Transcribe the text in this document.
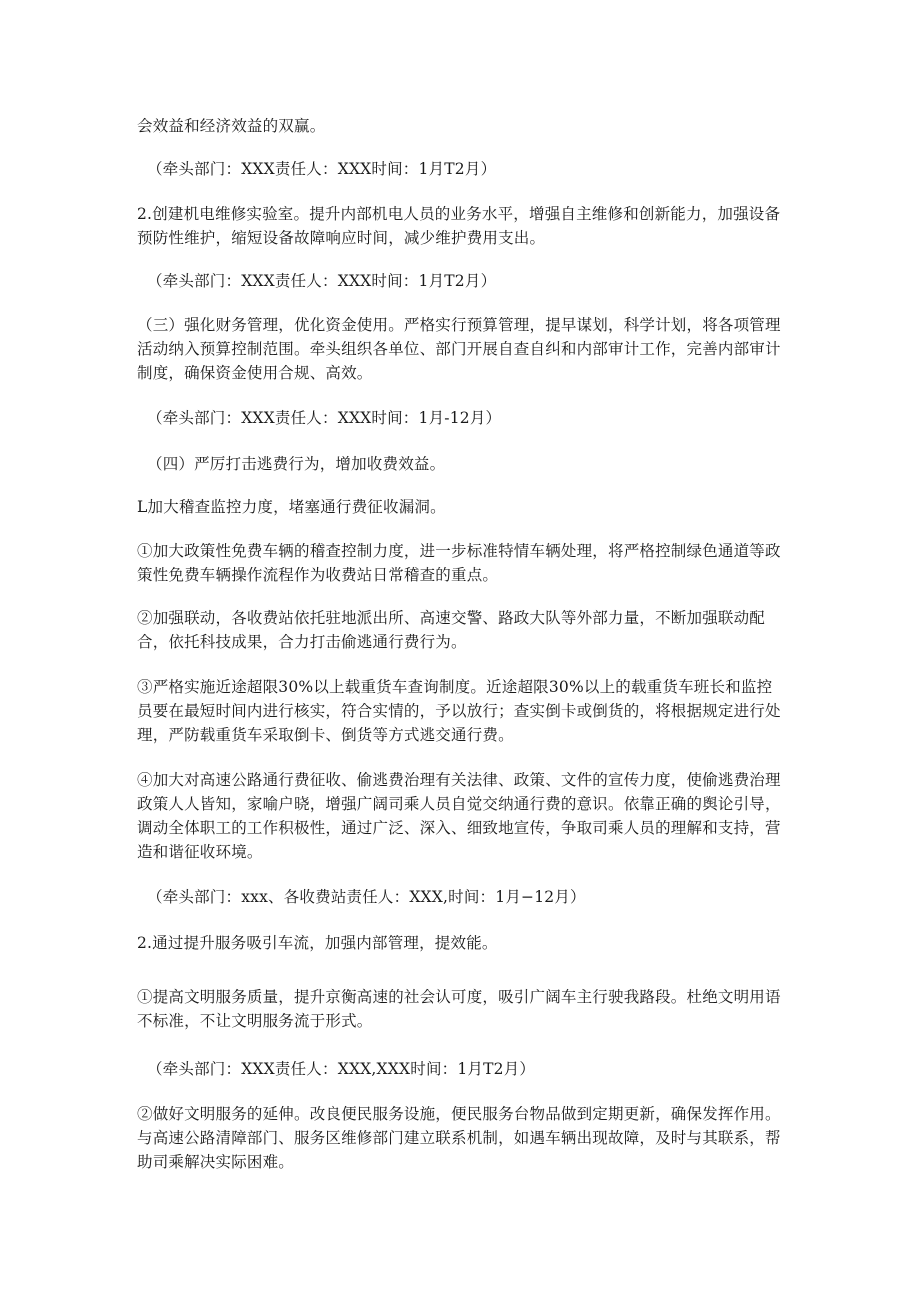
会效益和经济效益的双赢。

（牵头部门：XXX责任人：XXX时间：1月T2月）

2.创建机电维修实验室。提升内部机电人员的业务水平，增强自主维修和创新能力，加强设备预防性维护，缩短设备故障响应时间，减少维护费用支出。

（牵头部门：XXX责任人：XXX时间：1月T2月）

（三）强化财务管理，优化资金使用。严格实行预算管理，提早谋划，科学计划，将各项管理活动纳入预算控制范围。牵头组织各单位、部门开展自查自纠和内部审计工作，完善内部审计制度，确保资金使用合规、高效。

（牵头部门：XXX责任人：XXX时间：1月-12月）

（四）严厉打击逃费行为，增加收费效益。

L加大稽查监控力度，堵塞通行费征收漏洞。

①加大政策性免费车辆的稽查控制力度，进一步标准特情车辆处理，将严格控制绿色通道等政策性免费车辆操作流程作为收费站日常稽查的重点。

②加强联动，各收费站依托驻地派出所、高速交警、路政大队等外部力量，不断加强联动配合，依托科技成果，合力打击偷逃通行费行为。

③严格实施近途超限30%以上载重货车查询制度。近途超限30%以上的载重货车班长和监控员要在最短时间内进行核实，符合实情的，予以放行；查实倒卡或倒货的，将根据规定进行处理，严防载重货车采取倒卡、倒货等方式逃交通行费。

④加大对高速公路通行费征收、偷逃费治理有关法律、政策、文件的宣传力度，使偷逃费治理政策人人皆知，家喻户晓，增强广阔司乘人员自觉交纳通行费的意识。依靠正确的舆论引导，调动全体职工的工作积极性，通过广泛、深入、细致地宣传，争取司乘人员的理解和支持，营造和谐征收环境。

（牵头部门：xxx、各收费站责任人：XXX,时间：1月−12月）

2.通过提升服务吸引车流，加强内部管理，提效能。

①提高文明服务质量，提升京衡高速的社会认可度，吸引广阔车主行驶我路段。杜绝文明用语不标准，不让文明服务流于形式。

（牵头部门：XXX责任人：XXX,XXX时间：1月T2月）

②做好文明服务的延伸。改良便民服务设施，便民服务台物品做到定期更新，确保发挥作用。与高速公路清障部门、服务区维修部门建立联系机制，如遇车辆出现故障，及时与其联系，帮助司乘解决实际困难。
